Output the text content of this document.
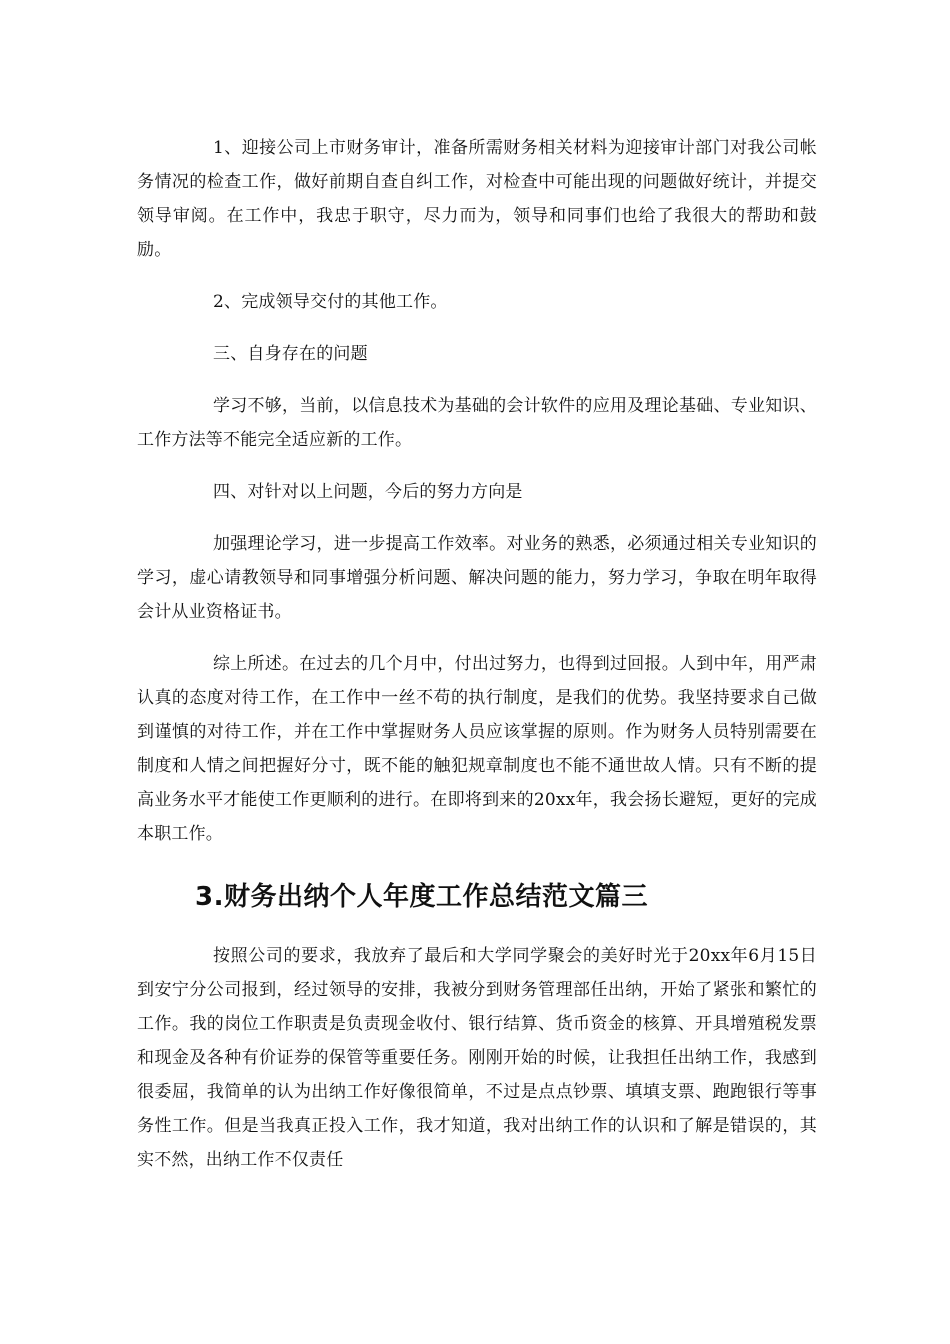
1、迎接公司上市财务审计，准备所需财务相关材料为迎接审计部门对我公司帐务情况的检查工作，做好前期自查自纠工作，对检查中可能出现的问题做好统计，并提交领导审阅。在工作中，我忠于职守，尽力而为，领导和同事们也给了我很大的帮助和鼓励。

2、完成领导交付的其他工作。

三、自身存在的问题

学习不够，当前，以信息技术为基础的会计软件的应用及理论基础、专业知识、工作方法等不能完全适应新的工作。

四、对针对以上问题，今后的努力方向是

加强理论学习，进一步提高工作效率。对业务的熟悉，必须通过相关专业知识的学习，虚心请教领导和同事增强分析问题、解决问题的能力，努力学习，争取在明年取得会计从业资格证书。

综上所述。在过去的几个月中，付出过努力，也得到过回报。人到中年，用严肃认真的态度对待工作，在工作中一丝不苟的执行制度，是我们的优势。我坚持要求自己做到谨慎的对待工作，并在工作中掌握财务人员应该掌握的原则。作为财务人员特别需要在制度和人情之间把握好分寸，既不能的触犯规章制度也不能不通世故人情。只有不断的提高业务水平才能使工作更顺利的进行。在即将到来的20xx年，我会扬长避短，更好的完成本职工作。

3.财务出纳个人年度工作总结范文篇三

按照公司的要求，我放弃了最后和大学同学聚会的美好时光于20xx年6月15日到安宁分公司报到，经过领导的安排，我被分到财务管理部任出纳，开始了紧张和繁忙的工作。我的岗位工作职责是负责现金收付、银行结算、货币资金的核算、开具增殖税发票和现金及各种有价证券的保管等重要任务。刚刚开始的时候，让我担任出纳工作，我感到很委屈，我简单的认为出纳工作好像很简单，不过是点点钞票、填填支票、跑跑银行等事务性工作。但是当我真正投入工作，我才知道，我对出纳工作的认识和了解是错误的，其实不然，出纳工作不仅责任
